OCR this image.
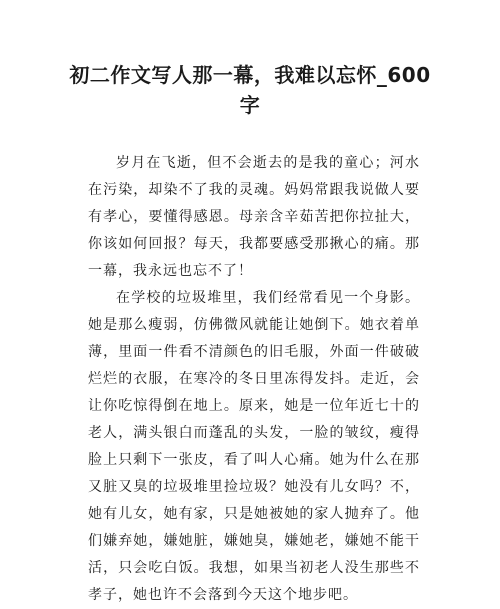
初二作文写人那一幕，我难以忘怀_600字

岁月在飞逝，但不会逝去的是我的童心；河水在污染，却染不了我的灵魂。妈妈常跟我说做人要有孝心，要懂得感恩。母亲含辛茹苦把你拉扯大，你该如何回报？每天，我都要感受那揪心的痛。那一幕，我永远也忘不了！

在学校的垃圾堆里，我们经常看见一个身影。她是那么瘦弱，仿佛微风就能让她倒下。她衣着单薄，里面一件看不清颜色的旧毛服，外面一件破破烂烂的衣服，在寒冷的冬日里冻得发抖。走近，会让你吃惊得倒在地上。原来，她是一位年近七十的老人，满头银白而蓬乱的头发，一脸的皱纹，瘦得脸上只剩下一张皮，看了叫人心痛。她为什么在那又脏又臭的垃圾堆里捡垃圾？她没有儿女吗？不，她有儿女，她有家，只是她被她的家人抛弃了。他们嫌弃她，嫌她脏，嫌她臭，嫌她老，嫌她不能干活，只会吃白饭。我想，如果当初老人没生那些不孝子，她也许不会落到今天这个地步吧。
